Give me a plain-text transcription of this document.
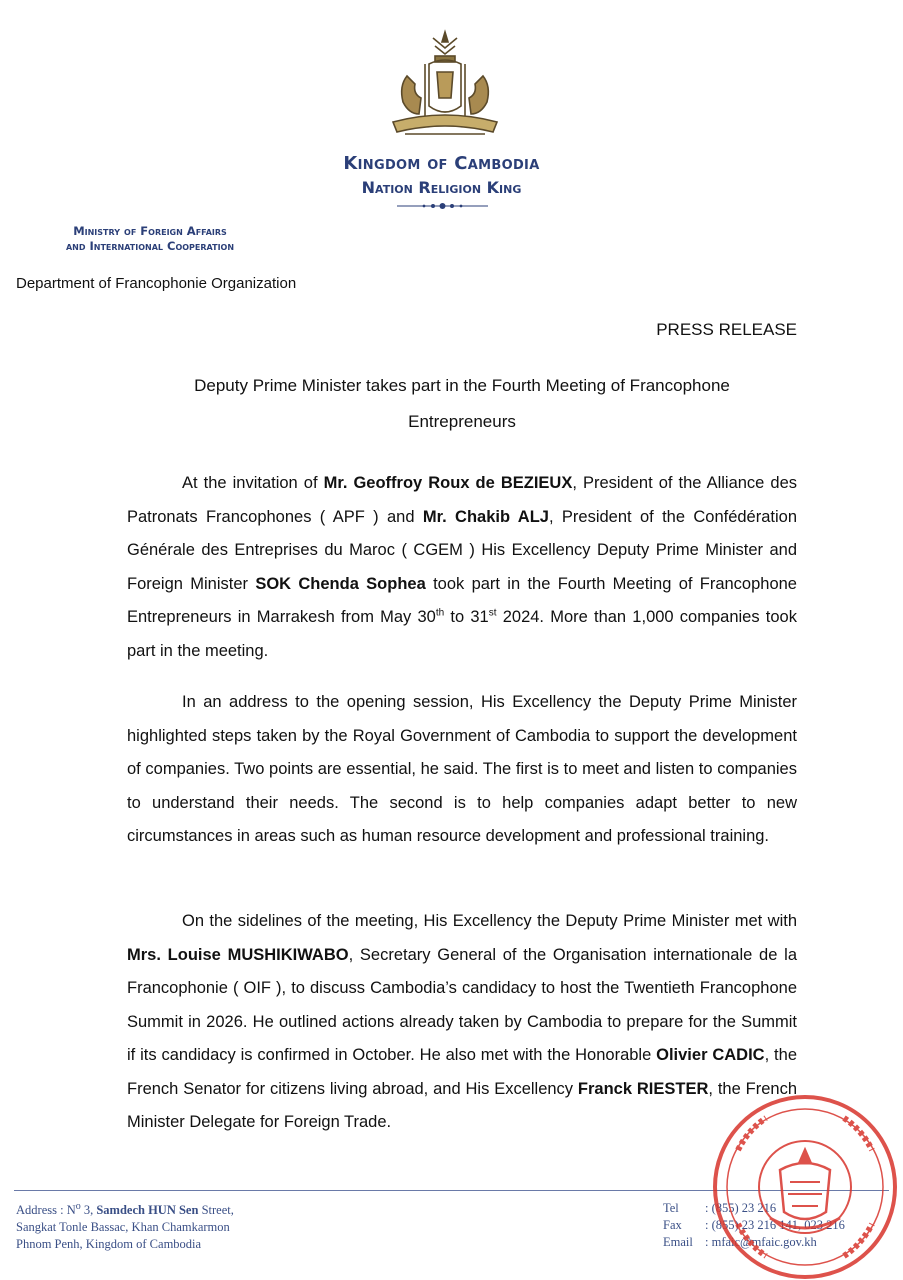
Kingdom of Cambodia
Nation Religion King
Ministry of Foreign Affairs
and International Cooperation
Department of Francophonie Organization
PRESS RELEASE
Deputy Prime Minister takes part in the Fourth Meeting of Francophone
Entrepreneurs

At the invitation of Mr. Geoffroy Roux de BEZIEUX, President of the Alliance des Patronats Francophones ( APF ) and Mr. Chakib ALJ, President of the Confédération Générale des Entreprises du Maroc ( CGEM ) His Excellency Deputy Prime Minister and Foreign Minister SOK Chenda Sophea took part in the Fourth Meeting of Francophone Entrepreneurs in Marrakesh from May 30th to 31st 2024. More than 1,000 companies took part in the meeting.

In an address to the opening session, His Excellency the Deputy Prime Minister highlighted steps taken by the Royal Government of Cambodia to support the development of companies. Two points are essential, he said. The first is to meet and listen to companies to understand their needs. The second is to help companies adapt better to new circumstances in areas such as human resource development and professional training.

On the sidelines of the meeting, His Excellency the Deputy Prime Minister met with Mrs. Louise MUSHIKIWABO, Secretary General of the Organisation internationale de la Francophonie ( OIF ), to discuss Cambodia’s candidacy to host the Twentieth Francophone Summit in 2026. He outlined actions already taken by Cambodia to prepare for the Summit if its candidacy is confirmed in October. He also met with the Honorable Olivier CADIC, the French Senator for citizens living abroad, and His Excellency Franck RIESTER, the French Minister Delegate for Foreign Trade.

Address : $N^o$ 3, Samdech HUN Sen Street,
Sangkat Tonle Bassac, Khan Chamkarmon
Phnom Penh, Kingdom of Cambodia
Tel : (855) 23 216
Fax : (855) 23 216 141, 023 216
Email : mfaic@mfaic.gov.kh
